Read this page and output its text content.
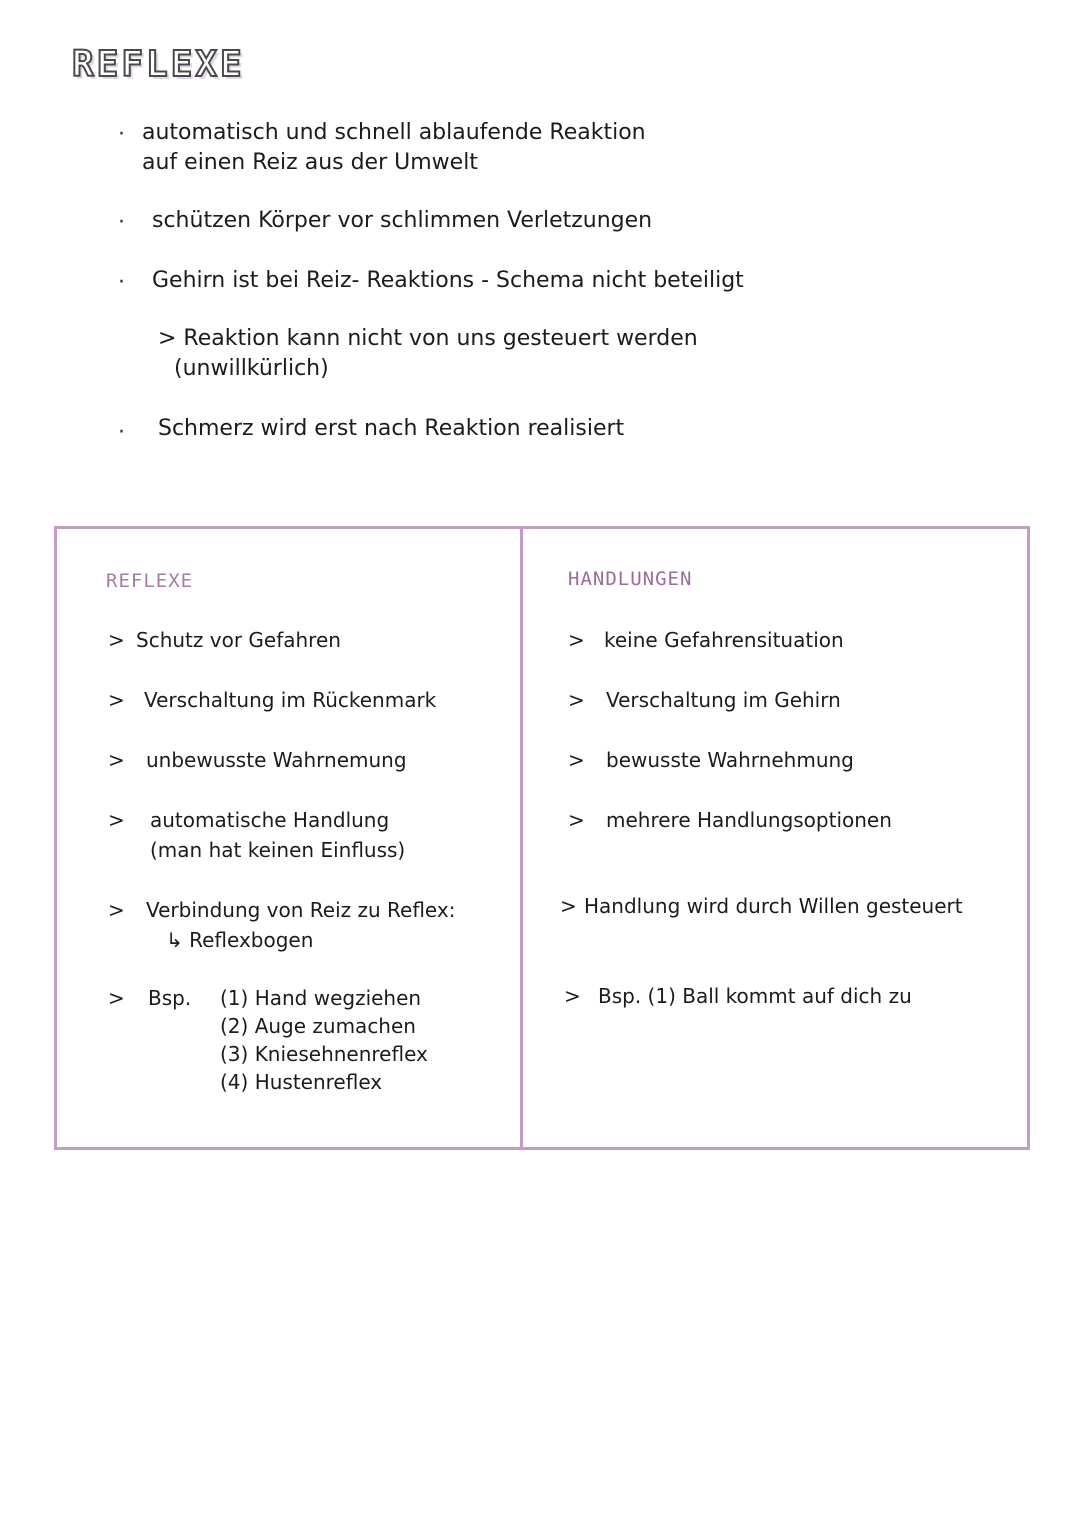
REFLEXE
· automatisch und schnell ablaufende Reaktion
auf einen Reiz aus der Umwelt
· schützen Körper vor schlimmen Verletzungen
· Gehirn ist bei Reiz- Reaktions - Schema nicht beteiligt
> Reaktion kann nicht von uns gesteuert werden
(unwillkürlich)
· Schmerz wird erst nach Reaktion realisiert
REFLEXE
> Schutz vor Gefahren
> Verschaltung im Rückenmark
> unbewusste Wahrnemung
> automatische Handlung
(man hat keinen Einfluss)
> Verbindung von Reiz zu Reflex:
↳ Reflexbogen
> Bsp. (1) Hand wegziehen
(2) Auge zumachen
(3) Kniesehnenreflex
(4) Hustenreflex
HANDLUNGEN
> keine Gefahrensituation
> Verschaltung im Gehirn
> bewusste Wahrnehmung
> mehrere Handlungsoptionen
> Handlung wird durch Willen gesteuert
> Bsp. (1) Ball kommt auf dich zu
